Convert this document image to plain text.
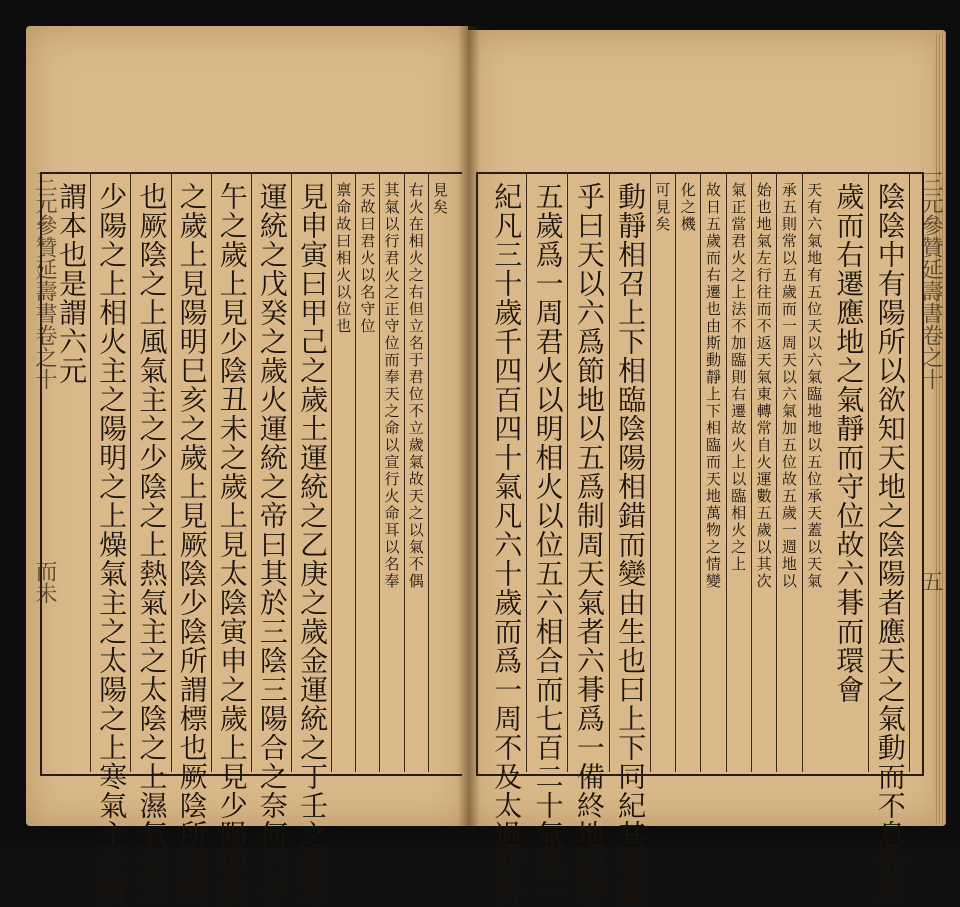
三元參贊延壽書卷之十
而未
三元參贊延壽書卷之十
五
陰陰中有陽所以欲知天地之陰陽者應天之氣動而不息故五
歲而右遷應地之氣靜而守位故六朞而環會
天有六氣地有五位天以六氣臨地地以五位承天蓋以天氣
承五則常以五歲而一周天以六氣加五位故五歲一週地以
始也地氣左行往而不返天氣東轉常自火運數五歲以其次
氣正當君火之上法不加臨則右遷故火上以臨相火之上
故日五歲而右遷也由斯動靜上下相臨而天地萬物之情變
化之機
可見矣
動靜相召上下相臨陰陽相錯而變由生也曰上下同紀其有數
乎曰天以六爲節地以五爲制周天氣者六朞爲一備終地紀者
五歲爲一周君火以明相火以位五六相合而七百二十氣爲一
紀凡三十歲千四百四十氣凡六十歲而爲一周不及太過斯皆
見矣
右火在相火之右但立名于君位不立歲氣故天之以氣不偶
其氣以行君火之正守位而奉天之命以宣行火命耳以名奉
天故曰君火以名守位
禀命故曰相火以位也
見申寅曰甲己之歲土運統之乙庚之歲金運統之丁壬之歲木
運統之戊癸之歲火運統之帝曰其於三陰三陽合之奈何曰子
午之歲上見少陰丑未之歲上見太陰寅申之歲上見少陽卯酉
之歲上見陽明巳亥之歲上見厥陰少陰所謂標也厥陰所謂終
也厥陰之上風氣主之少陰之上熱氣主之太陰之上濕氣主之
少陽之上相火主之陽明之上燥氣主之太陽之上寒氣主之所
謂本也是謂六元
